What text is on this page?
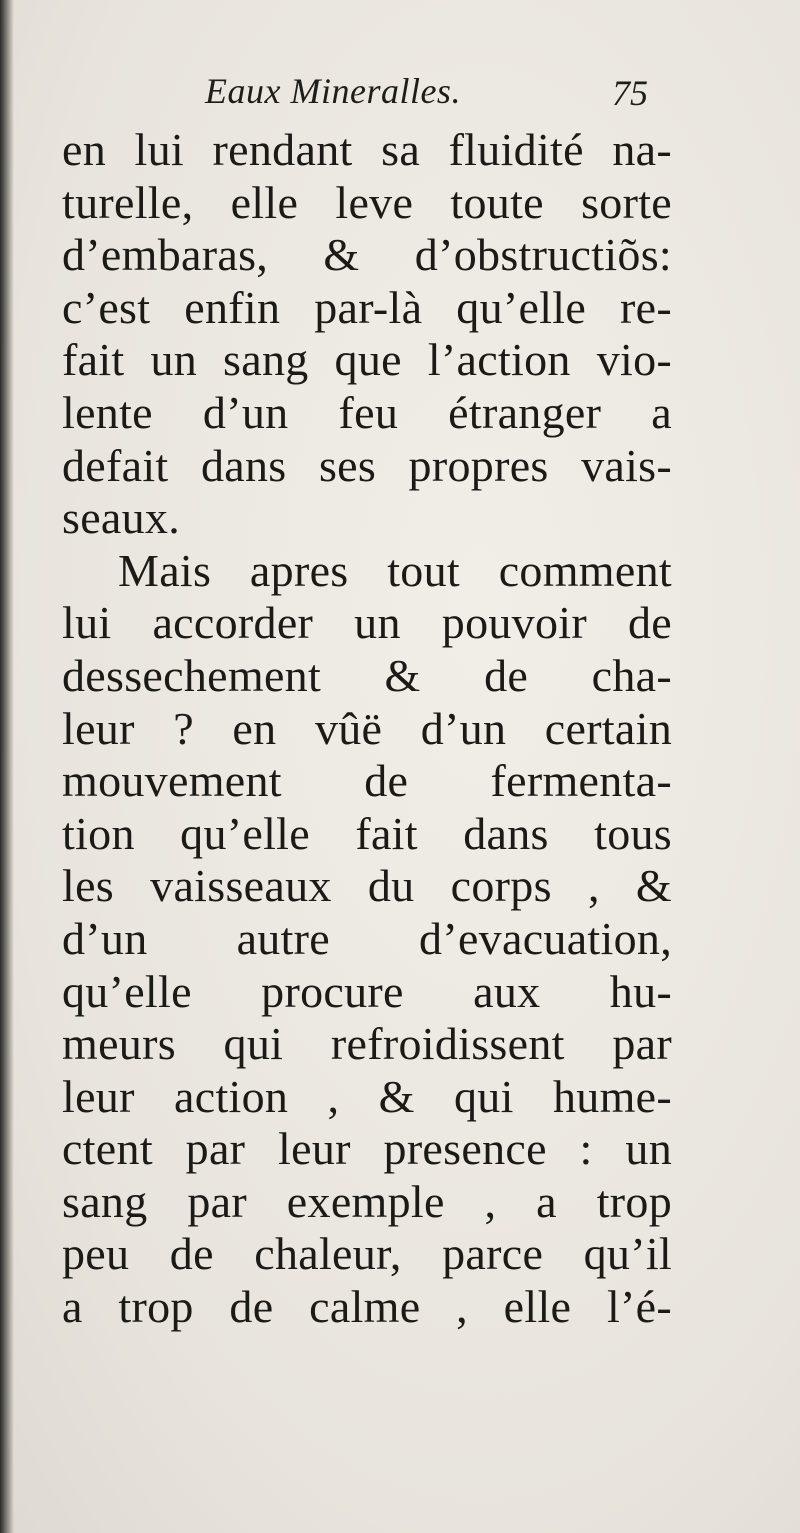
Eaux Mineralles.	75
en lui rendant sa fluidité na-
turelle, elle leve toute sorte
d’embaras, & d’obstructiõs:
c’est enfin par-là qu’elle re-
fait un sang que l’action vio-
lente d’un feu étranger a
defait dans ses propres vais-
seaux.
Mais apres tout comment
lui accorder un pouvoir de
dessechement & de cha-
leur ? en vûë d’un certain
mouvement de fermenta-
tion qu’elle fait dans tous
les vaisseaux du corps , &
d’un autre d’evacuation,
qu’elle procure aux hu-
meurs qui refroidissent par
leur action , & qui hume-
ctent par leur presence : un
sang par exemple , a trop
peu de chaleur, parce qu’il
a trop de calme , elle l’é-
